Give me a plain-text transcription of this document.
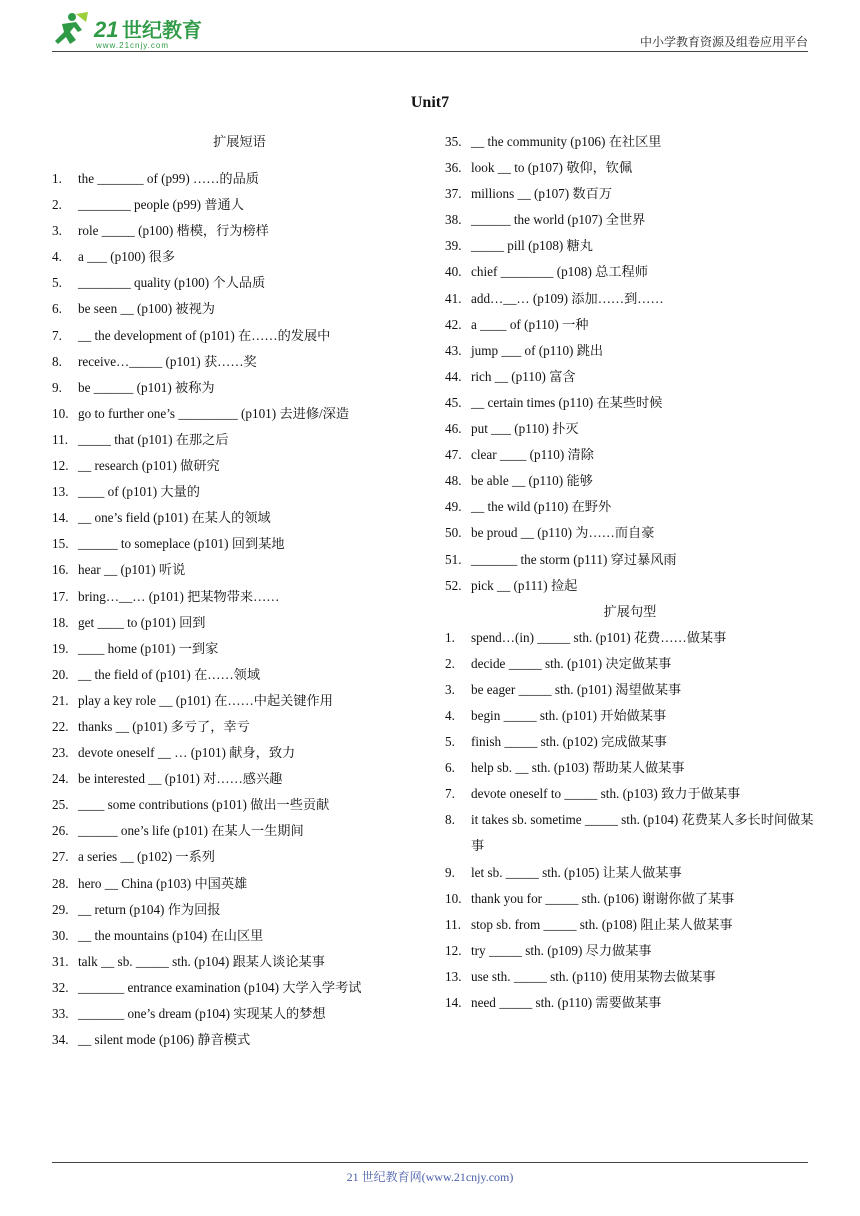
21 世纪教育
www.21cnjy.com	中小学教育资源及组卷应用平台
Unit7
扩展短语
1.	the _______ of (p99) ……的品质
2.	________ people (p99) 普通人
3.	role _____ (p100) 楷模，行为榜样
4.	a ___ (p100) 很多
5.	________ quality (p100) 个人品质
6.	be seen __ (p100) 被视为
7.	__ the development of (p101) 在……的发展中
8.	receive…_____ (p101) 获……奖
9.	be ______ (p101) 被称为
10. go to further one’s _________ (p101) 去进修/深造
11. _____ that (p101) 在那之后
12. __ research (p101) 做研究
13. ____ of (p101) 大量的
14. __ one’s field (p101) 在某人的领域
15. ______ to someplace (p101) 回到某地
16. hear __ (p101) 听说
17. bring…__… (p101) 把某物带来……
18. get ____ to (p101) 回到
19. ____ home (p101) 一到家
20. __ the field of (p101) 在……领域
21. play a key role __ (p101) 在……中起关键作用
22. thanks __ (p101) 多亏了，幸亏
23. devote oneself __ … (p101) 献身，致力
24. be interested __ (p101) 对……感兴趣
25. ____ some contributions (p101) 做出一些贡献
26. ______ one’s life (p101) 在某人一生期间
27. a series __ (p102) 一系列
28. hero __ China (p103) 中国英雄
29. __ return (p104) 作为回报
30. __ the mountains (p104) 在山区里
31. talk __ sb. _____ sth. (p104) 跟某人谈论某事
32. _______ entrance examination (p104) 大学入学考试
33. _______ one’s dream (p104) 实现某人的梦想
34. __ silent mode (p106) 静音模式
35. __ the community (p106) 在社区里
36. look __ to (p107) 敬仰，钦佩
37. millions __ (p107) 数百万
38. ______ the world (p107) 全世界
39. _____ pill (p108) 糖丸
40. chief ________ (p108) 总工程师
41. add…__… (p109) 添加……到……
42. a ____ of (p110) 一种
43. jump ___ of (p110) 跳出
44. rich __ (p110) 富含
45. __ certain times (p110) 在某些时候
46. put ___ (p110) 扑灭
47. clear ____ (p110) 清除
48. be able __ (p110) 能够
49. __ the wild (p110) 在野外
50. be proud __ (p110) 为……而自豪
51. _______ the storm (p111) 穿过暴风雨
52. pick __ (p111) 捡起
扩展句型
1.	spend…(in) _____ sth. (p101) 花费……做某事
2.	decide _____ sth. (p101) 决定做某事
3.	be eager _____ sth. (p101) 渴望做某事
4.	begin _____ sth. (p101) 开始做某事
5.	finish _____ sth. (p102) 完成做某事
6.	help sb. __ sth. (p103) 帮助某人做某事
7.	devote oneself to _____ sth. (p103) 致力于做某事
8.	it takes sb. sometime _____ sth. (p104) 花费某人多长时间做某事
9.	let sb. _____ sth. (p105) 让某人做某事
10. thank you for _____ sth. (p106) 谢谢你做了某事
11. stop sb. from _____ sth. (p108) 阻止某人做某事
12. try _____ sth. (p109) 尽力做某事
13. use sth. _____ sth. (p110) 使用某物去做某事
14. need _____ sth. (p110) 需要做某事
21 世纪教育网(www.21cnjy.com)
